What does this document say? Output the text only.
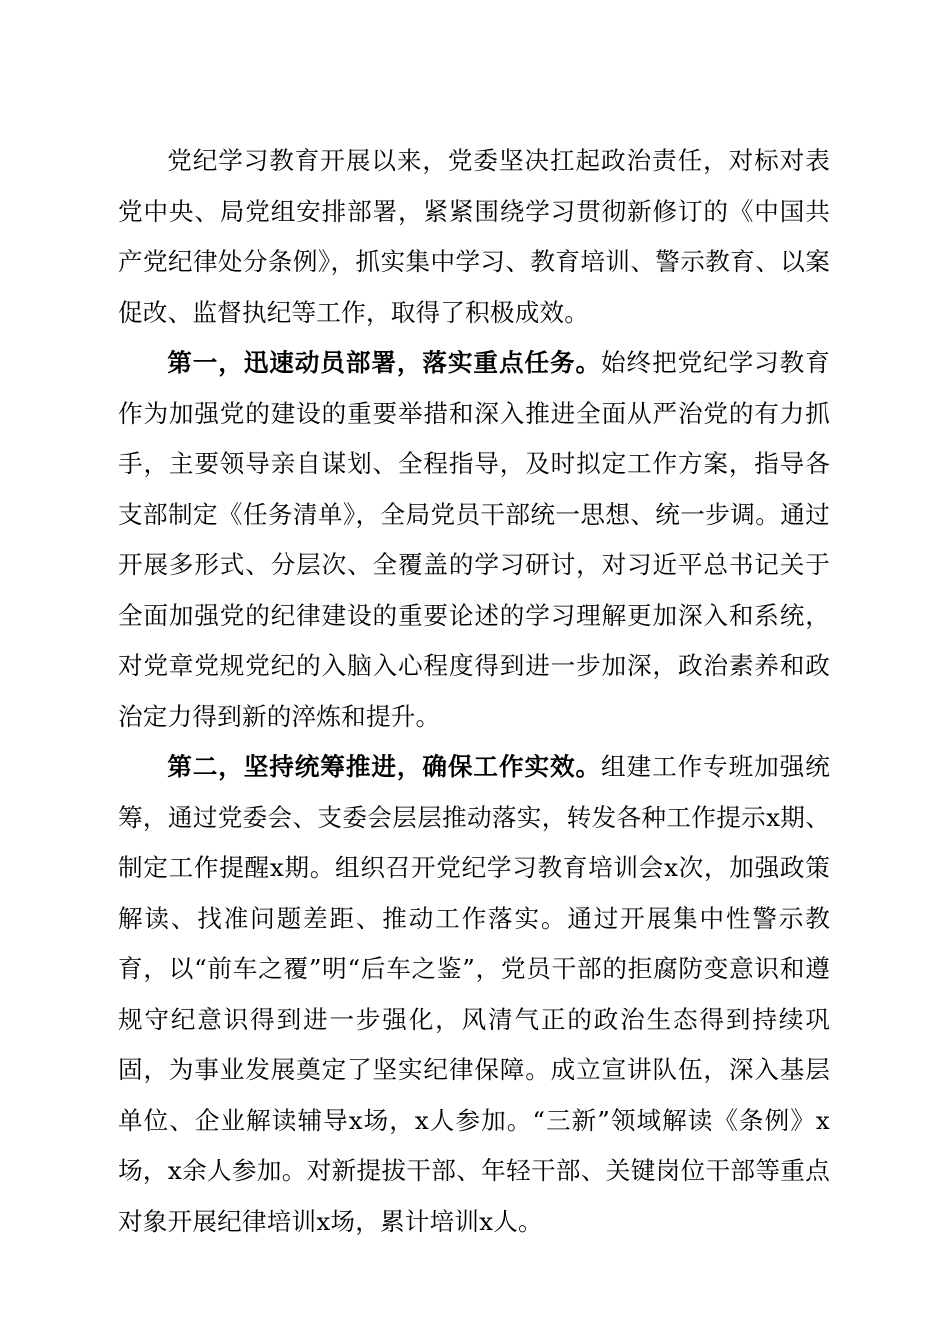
党纪学习教育开展以来，党委坚决扛起政治责任，对标对表党中央、局党组安排部署，紧紧围绕学习贯彻新修订的《中国共产党纪律处分条例》，抓实集中学习、教育培训、警示教育、以案促改、监督执纪等工作，取得了积极成效。

第一，迅速动员部署，落实重点任务。始终把党纪学习教育作为加强党的建设的重要举措和深入推进全面从严治党的有力抓手，主要领导亲自谋划、全程指导，及时拟定工作方案，指导各支部制定《任务清单》，全局党员干部统一思想、统一步调。通过开展多形式、分层次、全覆盖的学习研讨，对习近平总书记关于全面加强党的纪律建设的重要论述的学习理解更加深入和系统，对党章党规党纪的入脑入心程度得到进一步加深，政治素养和政治定力得到新的淬炼和提升。

第二，坚持统筹推进，确保工作实效。组建工作专班加强统筹，通过党委会、支委会层层推动落实，转发各种工作提示x期、制定工作提醒x期。组织召开党纪学习教育培训会x次，加强政策解读、找准问题差距、推动工作落实。通过开展集中性警示教育，以“前车之覆”明“后车之鉴”，党员干部的拒腐防变意识和遵规守纪意识得到进一步强化，风清气正的政治生态得到持续巩固，为事业发展奠定了坚实纪律保障。成立宣讲队伍，深入基层单位、企业解读辅导x场，x人参加。“三新”领域解读《条例》x场，x余人参加。对新提拔干部、年轻干部、关键岗位干部等重点对象开展纪律培训x场，累计培训x人。
